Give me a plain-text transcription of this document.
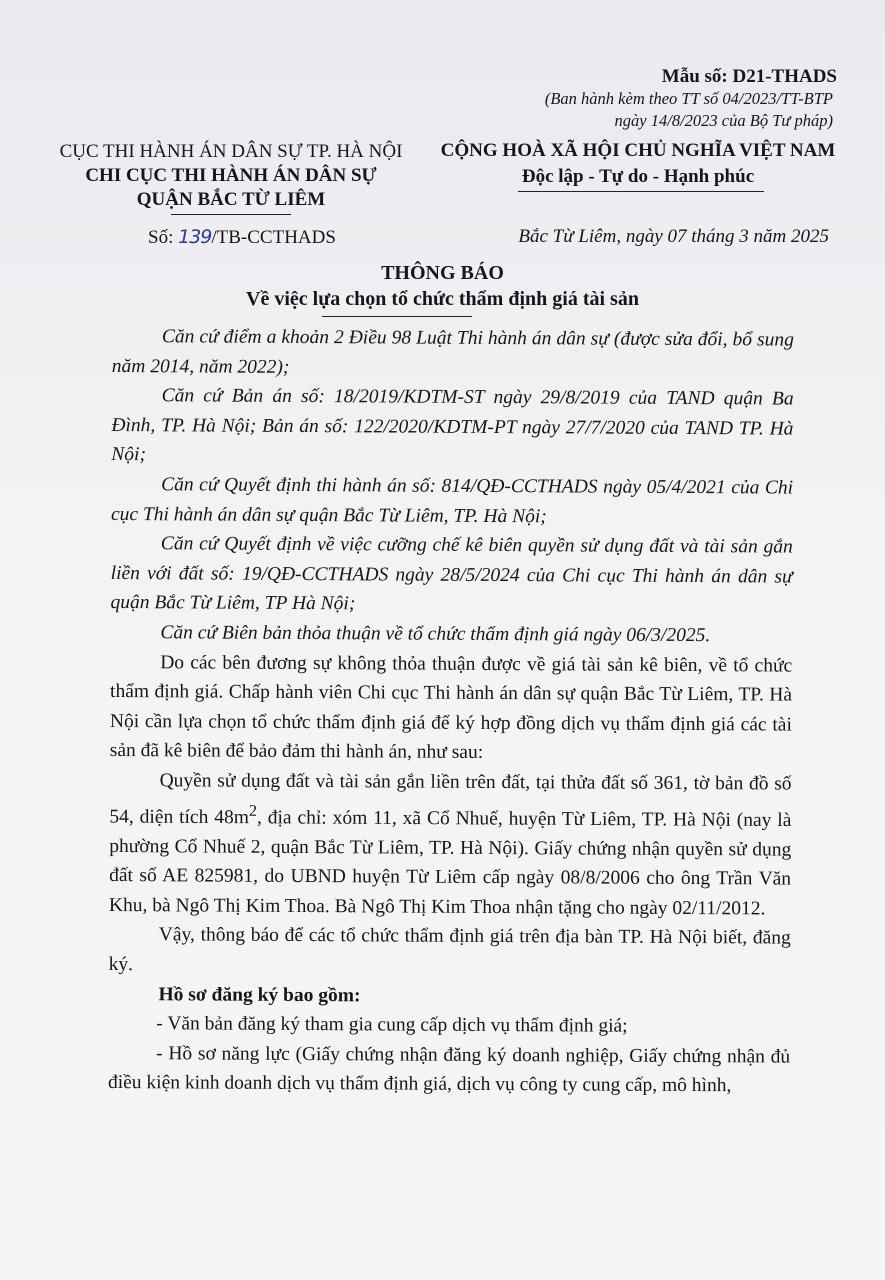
Mẫu số: D21-THADS
(Ban hành kèm theo TT số 04/2023/TT-BTP
ngày 14/8/2023 của Bộ Tư pháp)
CỤC THI HÀNH ÁN DÂN SỰ TP. HÀ NỘI
CHI CỤC THI HÀNH ÁN DÂN SỰ
QUẬN BẮC TỪ LIÊM
CỘNG HOÀ XÃ HỘI CHỦ NGHĨA VIỆT NAM
Độc lập - Tự do - Hạnh phúc
Số: 139/TB-CCTHADS	Bắc Từ Liêm, ngày 07 tháng 3 năm 2025
THÔNG BÁO
Về việc lựa chọn tổ chức thẩm định giá tài sản

Căn cứ điểm a khoản 2 Điều 98 Luật Thi hành án dân sự (được sửa đổi, bổ sung năm 2014, năm 2022);

Căn cứ Bản án số: 18/2019/KDTM-ST ngày 29/8/2019 của TAND quận Ba Đình, TP. Hà Nội; Bản án số: 122/2020/KDTM-PT ngày 27/7/2020 của TAND TP. Hà Nội;

Căn cứ Quyết định thi hành án số: 814/QĐ-CCTHADS ngày 05/4/2021 của Chi cục Thi hành án dân sự quận Bắc Từ Liêm, TP. Hà Nội;

Căn cứ Quyết định về việc cưỡng chế kê biên quyền sử dụng đất và tài sản gắn liền với đất số: 19/QĐ-CCTHADS ngày 28/5/2024 của Chi cục Thi hành án dân sự quận Bắc Từ Liêm, TP Hà Nội;

Căn cứ Biên bản thỏa thuận về tổ chức thẩm định giá ngày 06/3/2025.

Do các bên đương sự không thỏa thuận được về giá tài sản kê biên, về tổ chức thẩm định giá. Chấp hành viên Chi cục Thi hành án dân sự quận Bắc Từ Liêm, TP. Hà Nội cần lựa chọn tổ chức thẩm định giá để ký hợp đồng dịch vụ thẩm định giá các tài sản đã kê biên để bảo đảm thi hành án, như sau:

Quyền sử dụng đất và tài sản gắn liền trên đất, tại thửa đất số 361, tờ bản đồ số 54, diện tích $48m^2$, địa chỉ: xóm 11, xã Cổ Nhuế, huyện Từ Liêm, TP. Hà Nội (nay là phường Cổ Nhuế 2, quận Bắc Từ Liêm, TP. Hà Nội). Giấy chứng nhận quyền sử dụng đất số AE 825981, do UBND huyện Từ Liêm cấp ngày 08/8/2006 cho ông Trần Văn Khu, bà Ngô Thị Kim Thoa. Bà Ngô Thị Kim Thoa nhận tặng cho ngày 02/11/2012.

Vậy, thông báo để các tổ chức thẩm định giá trên địa bàn TP. Hà Nội biết, đăng ký.

Hồ sơ đăng ký bao gồm:

- Văn bản đăng ký tham gia cung cấp dịch vụ thẩm định giá;

- Hồ sơ năng lực (Giấy chứng nhận đăng ký doanh nghiệp, Giấy chứng nhận đủ điều kiện kinh doanh dịch vụ thẩm định giá, dịch vụ công ty cung cấp, mô hình,
